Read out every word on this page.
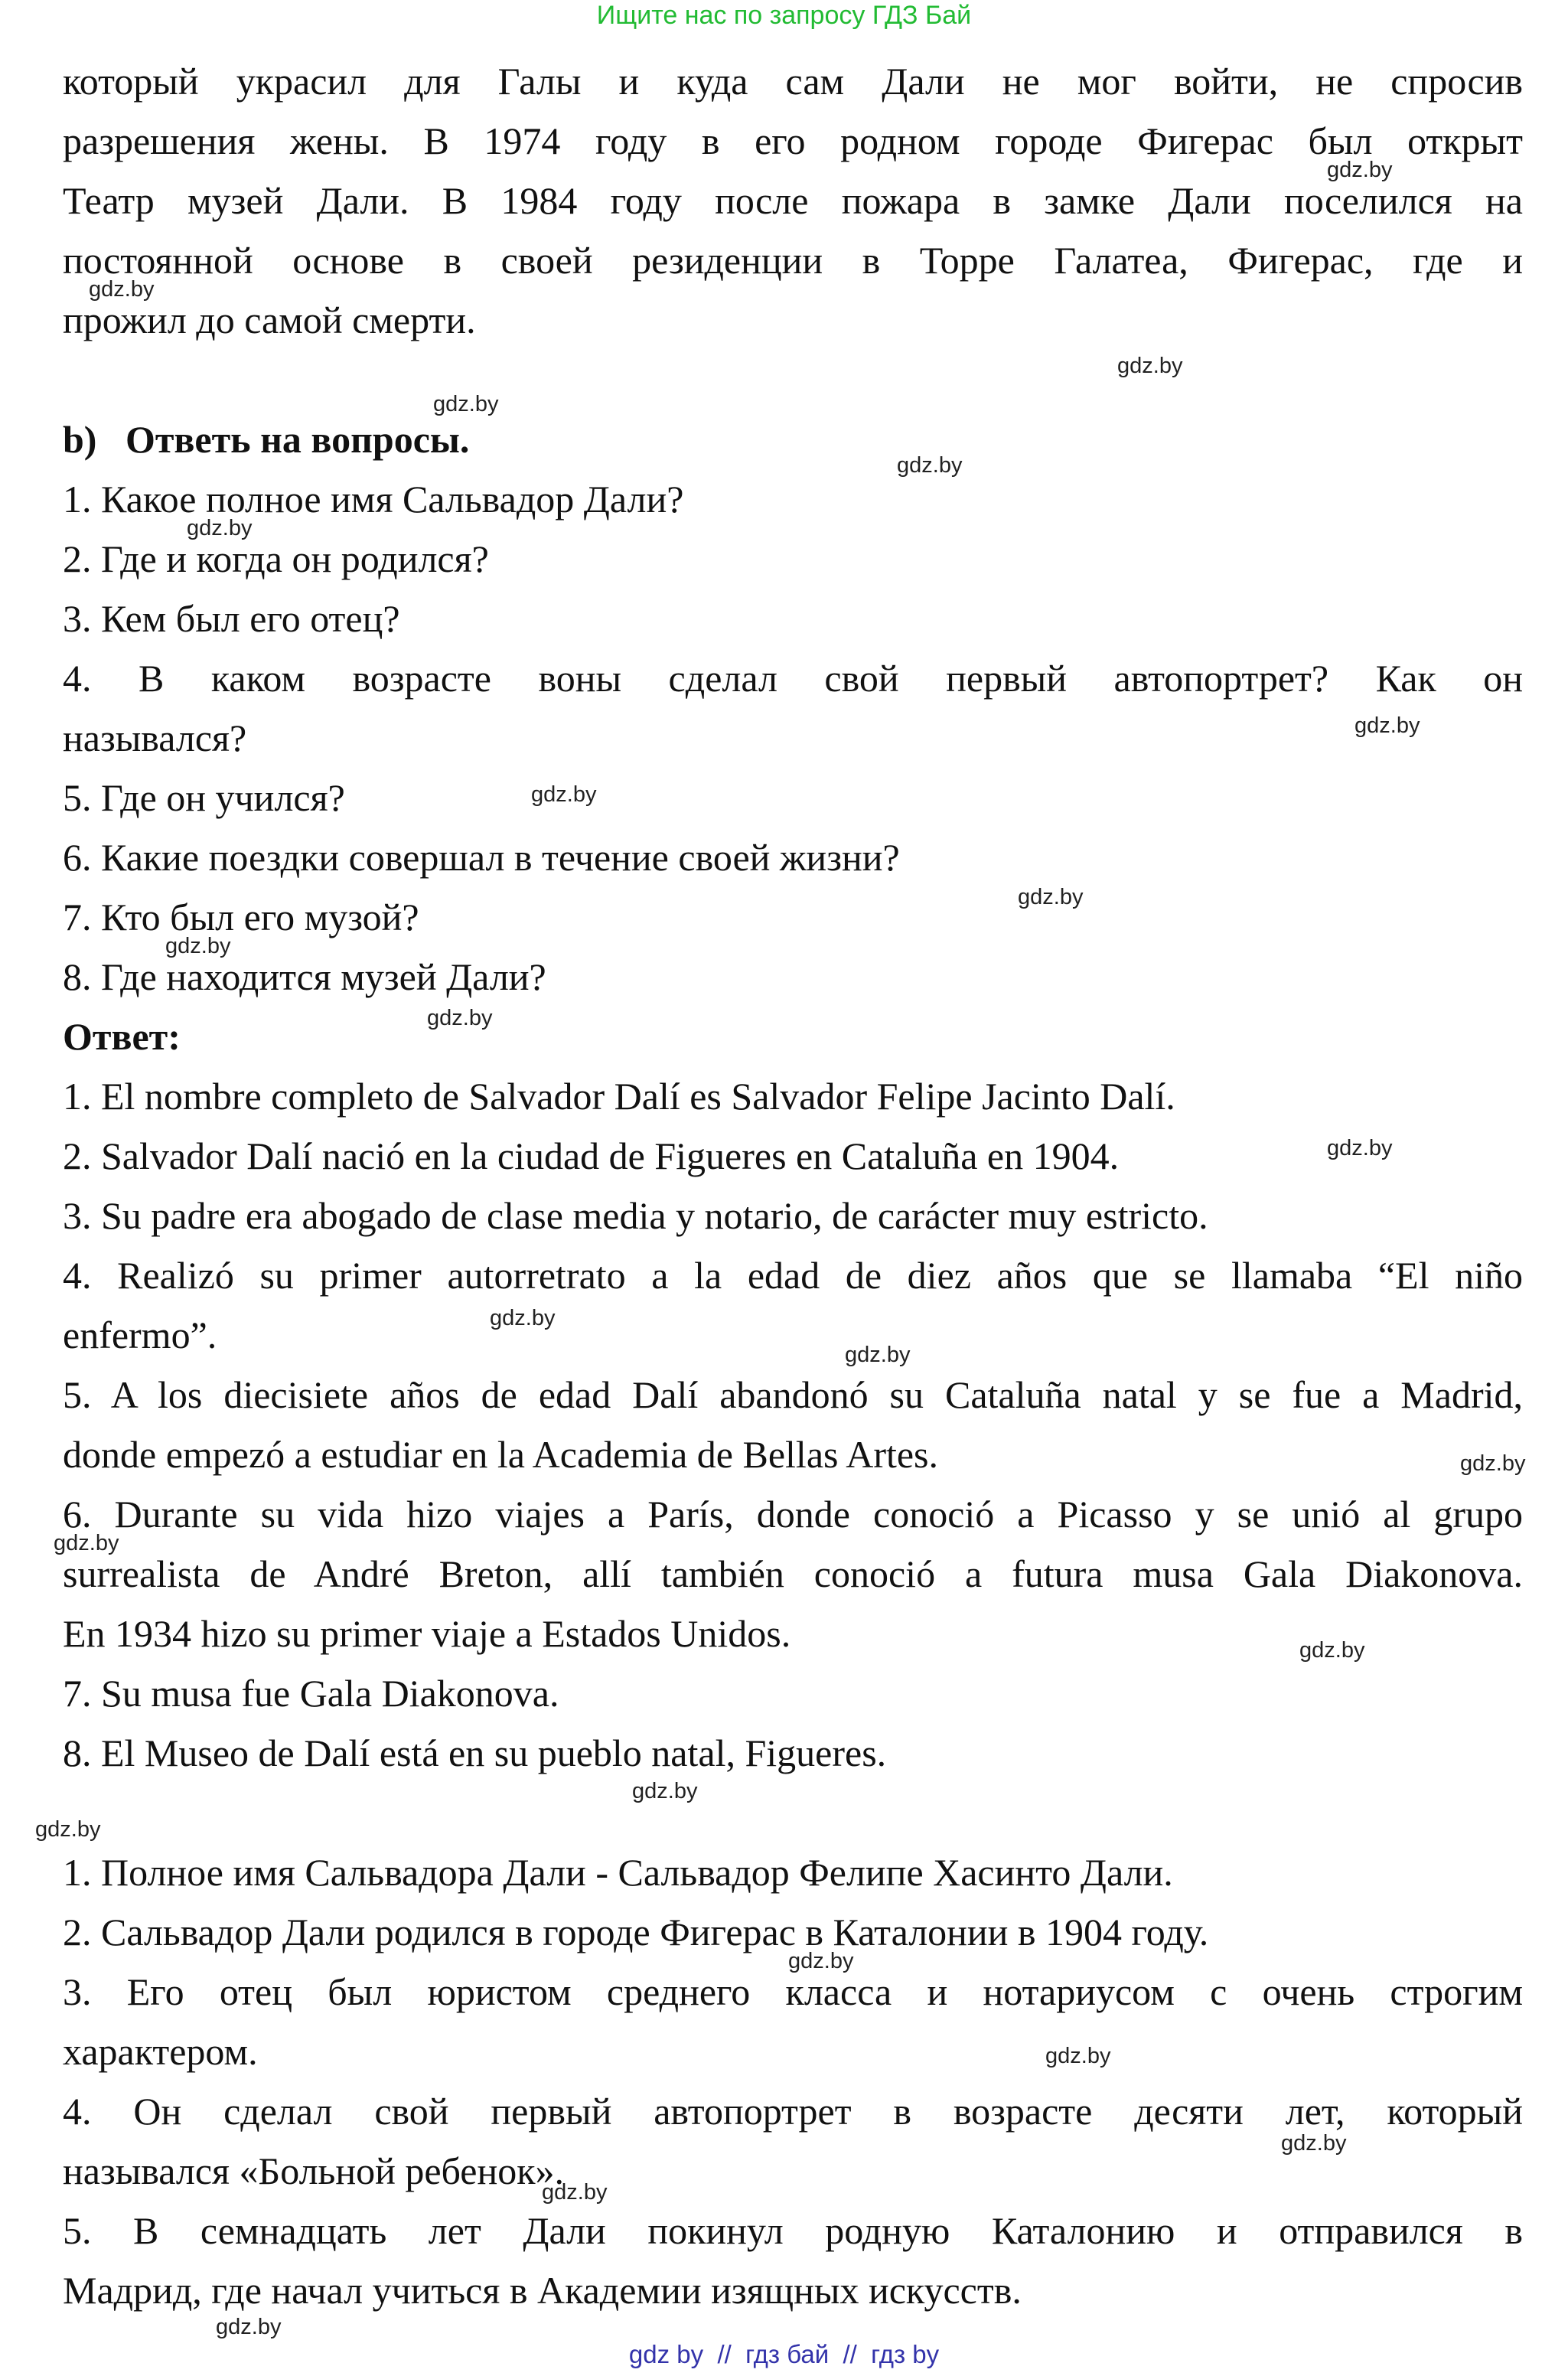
Ищите нас по запросу ГДЗ Бай
который украсил для Галы и куда сам Дали не мог войти, не спросив
разрешения жены. В 1974 году в его родном городе Фигерас был открыт
Театр музей Дали. В 1984 году после пожара в замке Дали поселился на
постоянной основе в своей резиденции в Торре Галатеа, Фигерас, где и
прожил до самой смерти.
b)   Ответь на вопросы.
1. Какое полное имя Сальвадор Дали?
2. Где и когда он родился?
3. Кем был его отец?
4. В каком возрасте воны сделал свой первый автопортрет? Как он
назывался?
5. Где он учился?
6. Какие поездки совершал в течение своей жизни?
7. Кто был его музой?
8. Где находится музей Дали?
Ответ:
1. El nombre completo de Salvador Dalí es Salvador Felipe Jacinto Dalí.
2. Salvador Dalí nació en la ciudad de Figueres en Cataluña en 1904.
3. Su padre era abogado de clase media y notario, de carácter muy estricto.
4. Realizó su primer autorretrato a la edad de diez años que se llamaba “El niño
enfermo”.
5. A los diecisiete años de edad Dalí abandonó su Cataluña natal y se fue a Madrid,
donde empezó a estudiar en la Academia de Bellas Artes.
6. Durante su vida hizo viajes a París, donde conoció a Picasso y se unió al grupo
surrealista de André Breton, allí también conoció a futura musa Gala Diakonova.
En 1934 hizo su primer viaje a Estados Unidos.
7. Su musa fue Gala Diakonova.
8. El Museo de Dalí está en su pueblo natal, Figueres.
1. Полное имя Сальвадора Дали - Сальвадор Фелипе Хасинто Дали.
2. Сальвадор Дали родился в городе Фигерас в Каталонии в 1904 году.
3. Его отец был юристом среднего класса и нотариусом с очень строгим
характером.
4. Он сделал свой первый автопортрет в возрасте десяти лет, который
назывался «Больной ребенок».
5. В семнадцать лет Дали покинул родную Каталонию и отправился в
Мадрид, где начал учиться в Академии изящных искусств.
gdz.by
gdz.by
gdz.by
gdz.by
gdz.by
gdz.by
gdz.by
gdz.by
gdz.by
gdz.by
gdz.by
gdz.by
gdz.by
gdz.by
gdz.by
gdz.by
gdz.by
gdz.by
gdz.by
gdz.by
gdz.by
gdz.by
gdz.by
gdz.by
gdz by  //  гдз бай  //  гдз by
